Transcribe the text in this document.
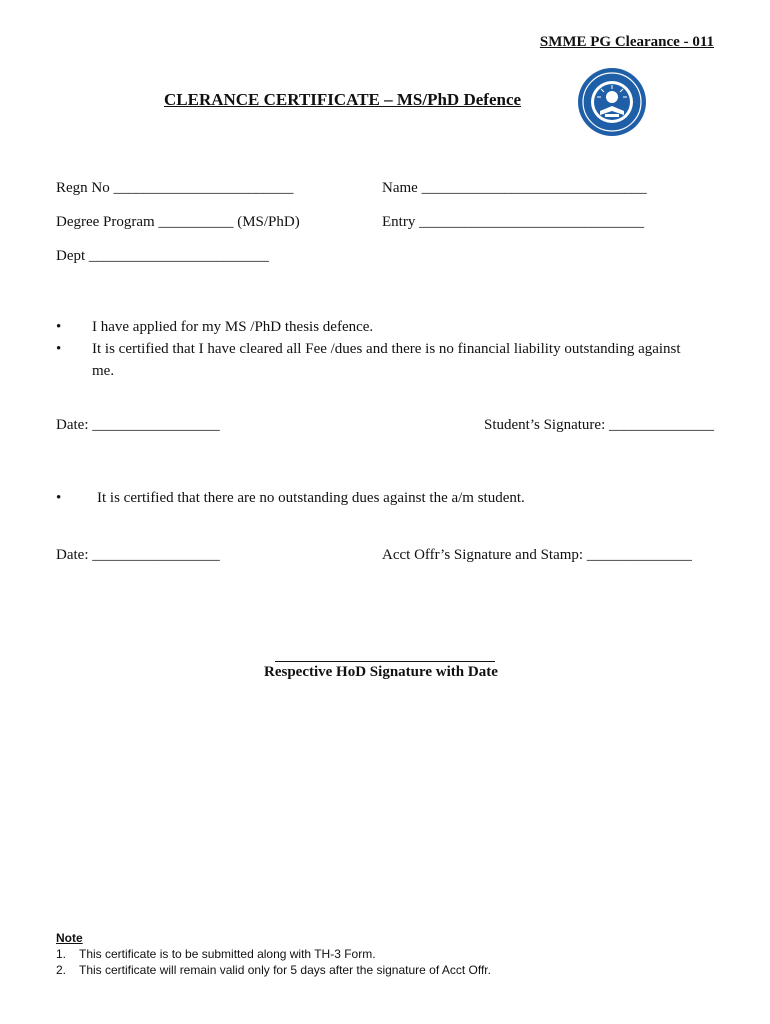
SMME PG Clearance - 011
CLERANCE CERTIFICATE – MS/PhD Defence
Regn No ________________________	Name ______________________________
Degree Program __________ (MS/PhD)	Entry ______________________________
Dept ________________________
•	I have applied for my MS /PhD thesis defence.
•	It is certified that I have cleared all Fee /dues and there is no financial liability outstanding against
me.
Date: _________________	Student’s Signature: ______________
•	It is certified that there are no outstanding dues against the a/m student.
Date: _________________	Acct Offr’s Signature and Stamp: ______________
Respective HoD Signature with Date
Note
1. This certificate is to be submitted along with TH-3 Form.
2. This certificate will remain valid only for 5 days after the signature of Acct Offr.
